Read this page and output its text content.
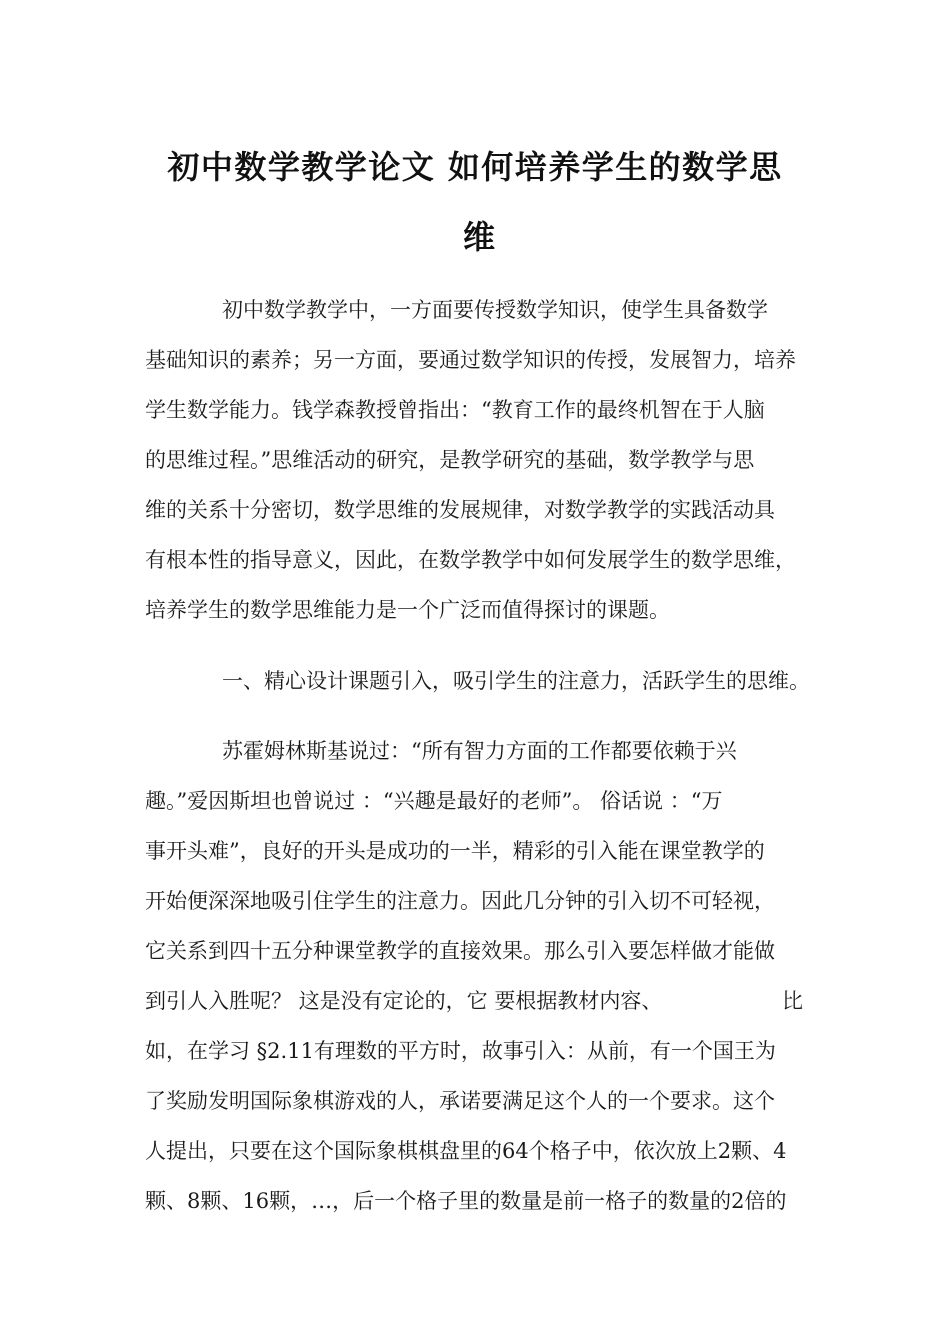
初中数学教学论文 如何培养学生的数学思
维
初中数学教学中，一方面要传授数学知识，使学生具备数学
基础知识的素养；另一方面，要通过数学知识的传授，发展智力，培养
学生数学能力。钱学森教授曾指出：“教育工作的最终机智在于人脑
的思维过程。”思维活动的研究，是教学研究的基础，数学教学与思
维的关系十分密切，数学思维的发展规律，对数学教学的实践活动具
有根本性的指导意义，因此，在数学教学中如何发展学生的数学思维，
培养学生的数学思维能力是一个广泛而值得探讨的课题。
一、精心设计课题引入，吸引学生的注意力，活跃学生的思维。
苏霍姆林斯基说过：“所有智力方面的工作都要依赖于兴
趣。”爱因斯坦也曾说过 ：“兴趣是最好的老师”。 俗话说 ：“万
事开头难”，良好的开头是成功的一半，精彩的引入能在课堂教学的
开始便深深地吸引住学生的注意力。因此几分钟的引入切不可轻视，
它关系到四十五分种课堂教学的直接效果。那么引入要怎样做才能做
到引人入胜呢？ 这是没有定论的，它 要根据教材内容、	比
如，在学习 §2.11有理数的平方时，故事引入：从前，有一个国王为
了奖励发明国际象棋游戏的人，承诺要满足这个人的一个要求。这个
人提出，只要在这个国际象棋棋盘里的64个格子中，依次放上2颗、4
颗、8颗、16颗，…，后一个格子里的数量是前一格子的数量的2倍的
